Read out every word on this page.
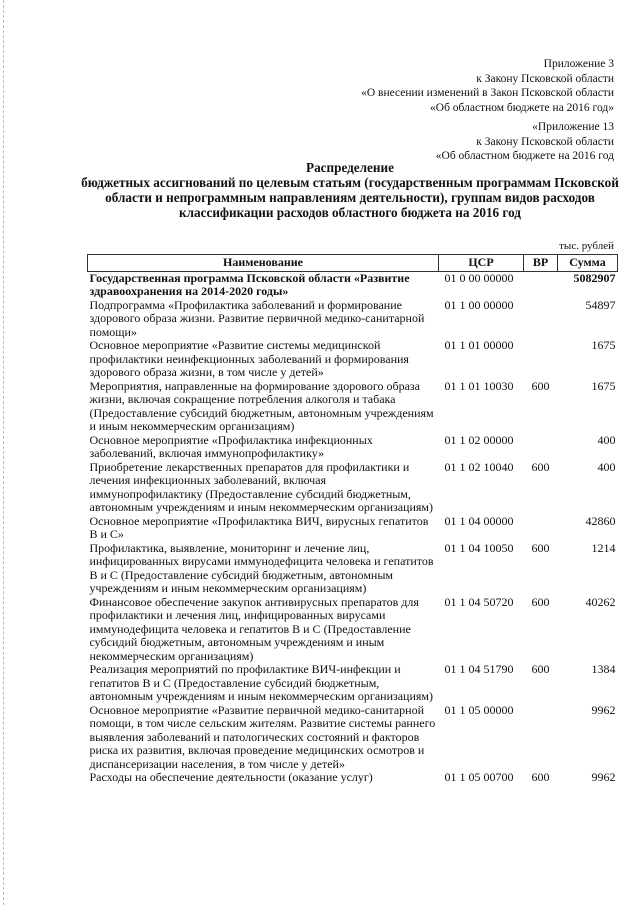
Приложение 3
к Закону Псковской области
«О внесении изменений в Закон Псковской области
«Об областном бюджете на 2016 год»
«Приложение 13
к Закону Псковской области
«Об областном бюджете на 2016 год
Распределение
бюджетных ассигнований по целевым статьям (государственным программам Псковской области и непрограммным направлениям деятельности), группам видов расходов классификации расходов областного бюджета на 2016 год
тыс. рублей
Наименование	ЦСР	ВР	Сумма
Государственная программа Псковской области «Развитие здравоохранения на 2014-2020 годы»	01 0 00 00000		5082907
Подпрограмма «Профилактика заболеваний и формирование здорового образа жизни. Развитие первичной медико-санитарной помощи»	01 1 00 00000		54897
Основное мероприятие «Развитие системы медицинской профилактики неинфекционных заболеваний и формирования здорового образа жизни, в том числе у детей»	01 1 01 00000		1675
Мероприятия, направленные на формирование здорового образа жизни, включая сокращение потребления алкоголя и табака (Предоставление субсидий бюджетным, автономным учреждениям и иным некоммерческим организациям)	01 1 01 10030	600	1675
Основное мероприятие «Профилактика инфекционных заболеваний, включая иммунопрофилактику»	01 1 02 00000		400
Приобретение лекарственных препаратов для профилактики и лечения инфекционных заболеваний, включая иммунопрофилактику (Предоставление субсидий бюджетным, автономным учреждениям и иным некоммерческим организациям)	01 1 02 10040	600	400
Основное мероприятие «Профилактика ВИЧ, вирусных гепатитов В и С»	01 1 04 00000		42860
Профилактика, выявление, мониторинг и лечение лиц, инфицированных вирусами иммунодефицита человека и гепатитов В и С (Предоставление субсидий бюджетным, автономным учреждениям и иным некоммерческим организациям)	01 1 04 10050	600	1214
Финансовое обеспечение закупок антивирусных препаратов для профилактики и лечения лиц, инфицированных вирусами иммунодефицита человека и гепатитов В и С (Предоставление субсидий бюджетным, автономным учреждениям и иным некоммерческим организациям)	01 1 04 50720	600	40262
Реализация мероприятий по профилактике ВИЧ-инфекции и гепатитов В и С (Предоставление субсидий бюджетным, автономным учреждениям и иным некоммерческим организациям)	01 1 04 51790	600	1384
Основное мероприятие «Развитие первичной медико-санитарной помощи, в том числе сельским жителям. Развитие системы раннего выявления заболеваний и патологических состояний и факторов риска их развития, включая проведение медицинских осмотров и диспансеризации населения, в том числе у детей»	01 1 05 00000		9962
Расходы на обеспечение деятельности (оказание услуг)	01 1 05 00700	600	9962
